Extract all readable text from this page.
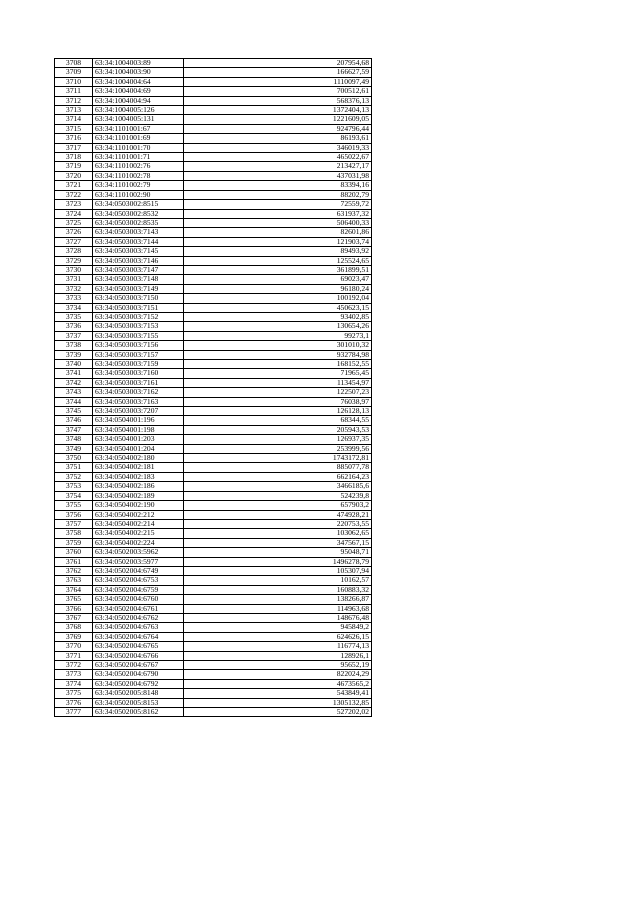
3708	63:34:1004003:89	207954,68
3709	63:34:1004003:90	166627,59
3710	63:34:1004004:64	1110097,49
3711	63:34:1004004:69	700512,61
3712	63:34:1004004:94	568376,13
3713	63:34:1004005:126	1372404,13
3714	63:34:1004005:131	1221609,05
3715	63:34:1101001:67	924796,44
3716	63:34:1101001:69	86193,61
3717	63:34:1101001:70	346019,33
3718	63:34:1101001:71	465022,67
3719	63:34:1101002:76	213427,17
3720	63:34:1101002:78	437031,98
3721	63:34:1101002:79	83394,16
3722	63:34:1101002:90	88202,79
3723	63:34:0503002:8515	72559,72
3724	63:34:0503002:8532	631937,32
3725	63:34:0503002:8535	506400,33
3726	63:34:0503003:7143	82601,86
3727	63:34:0503003:7144	121903,74
3728	63:34:0503003:7145	89493,92
3729	63:34:0503003:7146	125524,65
3730	63:34:0503003:7147	361899,51
3731	63:34:0503003:7148	69023,47
3732	63:34:0503003:7149	96180,24
3733	63:34:0503003:7150	100192,04
3734	63:34:0503003:7151	450623,15
3735	63:34:0503003:7152	93402,85
3736	63:34:0503003:7153	130654,26
3737	63:34:0503003:7155	99273,1
3738	63:34:0503003:7156	301010,32
3739	63:34:0503003:7157	932784,98
3740	63:34:0503003:7159	168152,55
3741	63:34:0503003:7160	71965,45
3742	63:34:0503003:7161	113454,97
3743	63:34:0503003:7162	122507,23
3744	63:34:0503003:7163	76038,97
3745	63:34:0503003:7207	126128,13
3746	63:34:0504001:196	68344,55
3747	63:34:0504001:198	205943,53
3748	63:34:0504001:203	126937,35
3749	63:34:0504001:204	253999,56
3750	63:34:0504002:180	1743172,81
3751	63:34:0504002:181	885077,78
3752	63:34:0504002:183	662164,23
3753	63:34:0504002:186	3466185,6
3754	63:34:0504002:189	524239,8
3755	63:34:0504002:190	657903,2
3756	63:34:0504002:212	474928,21
3757	63:34:0504002:214	220753,55
3758	63:34:0504002:215	103062,65
3759	63:34:0504002:224	347567,15
3760	63:34:0502003:5962	95048,71
3761	63:34:0502003:5977	1496278,79
3762	63:34:0502004:6749	105307,94
3763	63:34:0502004:6753	10162,57
3764	63:34:0502004:6759	160883,32
3765	63:34:0502004:6760	138266,87
3766	63:34:0502004:6761	114963,68
3767	63:34:0502004:6762	148676,48
3768	63:34:0502004:6763	945849,2
3769	63:34:0502004:6764	624626,15
3770	63:34:0502004:6765	116774,13
3771	63:34:0502004:6766	128926,1
3772	63:34:0502004:6767	95652,19
3773	63:34:0502004:6790	822024,29
3774	63:34:0502004:6792	4673565,2
3775	63:34:0502005:8148	543849,41
3776	63:34:0502005:8153	1305132,85
3777	63:34:0502005:8162	527202,02
